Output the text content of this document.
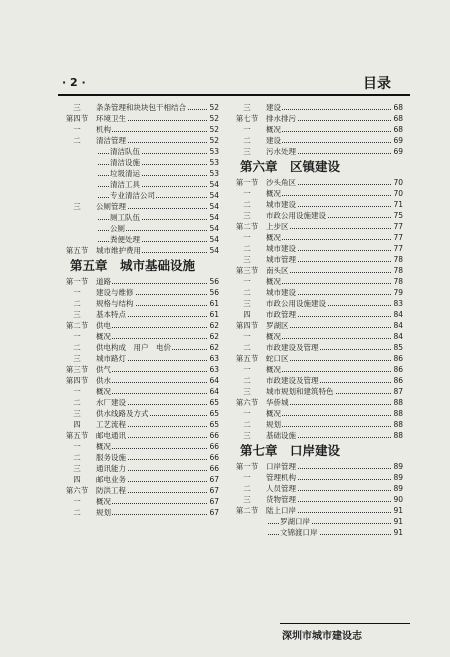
· 2 ·	目录
三	条条管理和块块包干相结合	52
第四节	环境卫生	52
一	机构	52
二	清洁管理	52
清洁队伍	53
清洁设施	53
垃圾清运	53
清洁工具	54
专业清洁公司	54
三	公厕管理	54
厕工队伍	54
公厕	54
粪便处理	54
第五节	城市维护费用	54
第五章　城市基础设施
第一节	道路	56
一	建设与维修	56
二	规格与结构	61
三	基本特点	61
第二节	供电	62
一	概况	62
二	供电构成　用户　电价	62
三	城市路灯	63
第三节	供气	63
第四节	供水	64
一	概况	64
二	水厂建设	65
三	供水线路及方式	65
四	工艺流程	65
第五节	邮电通讯	66
一	概况	66
二	服务设施	66
三	通讯能力	66
四	邮电业务	67
第六节	防洪工程	67
一	概况	67
二	规划	67
三	建设	68
第七节	排水排污	68
一	概况	68
二	建设	69
三	污水处理	69
第六章　区镇建设
第一节	沙头角区	70
一	概况	70
二	城市建设	71
三	市政公用设施建设	75
第二节	上步区	77
一	概况	77
二	城市建设	77
三	城市管理	78
第三节	南头区	78
一	概况	78
二	城市建设	79
三	市政公用设施建设	83
四	市政管理	84
第四节	罗湖区	84
一	概况	84
二	市政建设及管理	85
第五节	蛇口区	86
一	概况	86
二	市政建设及管理	86
三	城市规划和建筑特色	87
第六节	华侨城	88
一	概况	88
二	规划	88
三	基础设施	88
第七章　口岸建设
第一节	口岸管理	89
一	管理机构	89
二	人员管理	89
三	货物管理	90
第二节	陆上口岸	91
罗湖口岸	91
文锦渡口岸	91
深圳市城市建设志
